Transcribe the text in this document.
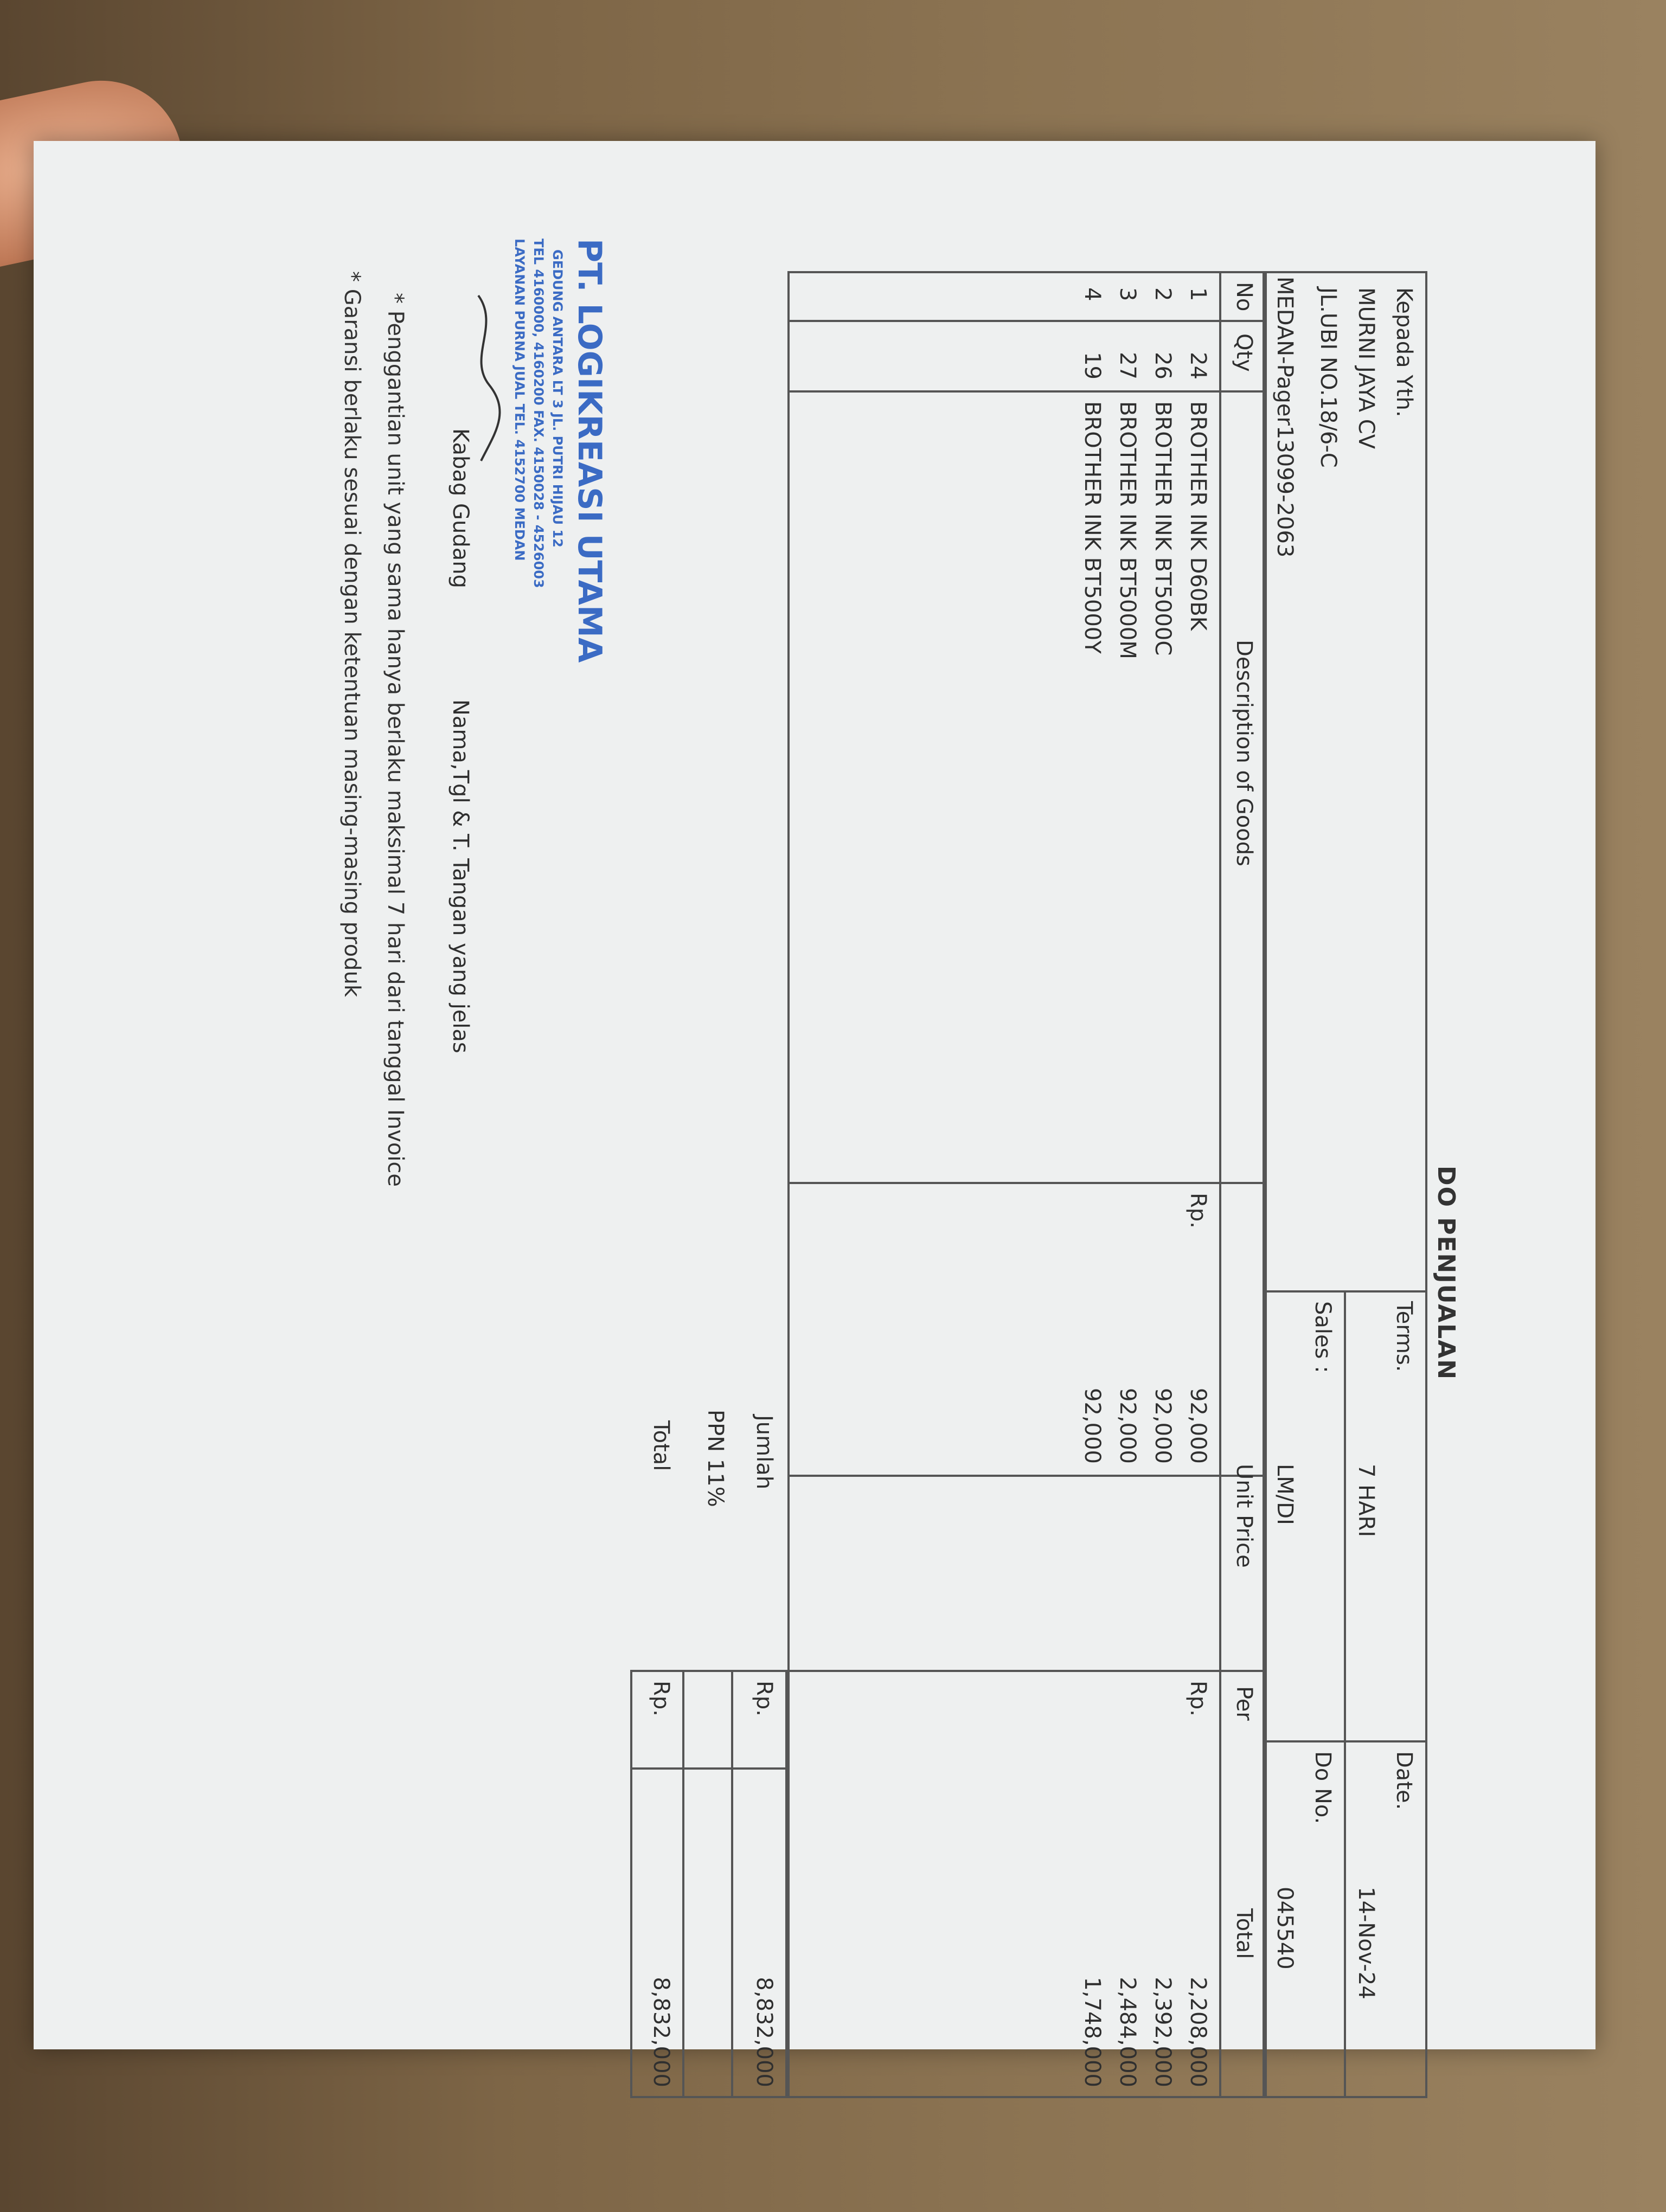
DO PENJUALAN
Kepada Yth.
MURNI JAYA CV
JL.UBI NO.18/6-C
MEDAN-Pager13099-2063
Terms.
7 HARI
Sales :
LM/DI
Date.
14-Nov-24
Do No.
045540
No
Qty
Description of Goods
Unit Price
Per
Total
1
24
BROTHER INK D60BK
Rp.
92,000
Rp.
2,208,000
2
26
BROTHER INK BT5000C
92,000
2,392,000
3
27
BROTHER INK BT5000M
92,000
2,484,000
4
19
BROTHER INK BT5000Y
92,000
1,748,000
Jumlah
Rp.
8,832,000
PPN 11%
Total
Rp.
8,832,000
PT. LOGIKREASI UTAMA
GEDUNG ANTARA LT 3 JL. PUTRI HIJAU 12
TEL 4160000, 4160200 FAX. 4150028 - 4526003
LAYANAN PURNA JUAL TEL. 4152700 MEDAN
Kabag Gudang
Nama,Tgl & T. Tangan yang jelas
* Penggantian unit yang sama hanya berlaku maksimal 7 hari dari tanggal Invoice
* Garansi berlaku sesuai dengan ketentuan masing-masing produk
